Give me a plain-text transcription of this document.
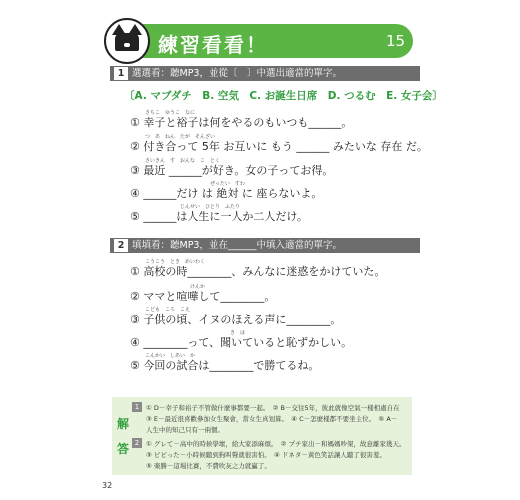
練習看看！	15
1 選選看：聽MP3，並從〔　〕中選出適當的單字。
〔A. マブダチ　B. 空気　C. お誕生日席　D. つるむ　E. 女子会〕
さちこ　ゆうこ　なに
① 幸子と裕子は何をやるのもいつも______。
つ　あ　ねん　たが　そんざい
② 付き合って 5年 お互いに もう ______ みたいな 存在 だ。
さいきん　す　おんな　こ　とく
③ 最近 ______が好き。女の子ってお得。
ぜったい　すわ
④ ______だけ は 絶対 に 座らないよ。
じんせい　ひとり　ふたり
⑤ ______は人生に一人か二人だけ。
2 填填看：聽MP3，並在______中填入適當的單字。
こうこう　とき　めいわく
① 高校の時________、みんなに迷惑をかけていた。
けんか
② ママと喧嘩して________。
こども　ころ　こえ
③ 子供の頃、イヌのほえる声に________。
き　は
④ ________って、聞いていると恥ずかしい。
こんかい　しあい　か
⑤ 今回の試合は________で勝てるね。
解
答
1
2
① D－幸子和裕子不管做什麼事都要一起。　② B－交往5年，彼此就像空氣一樣相處自在
③ E－最近很喜歡參加女生聚會，當女生真划算。　④ C－怎麼樣都不要坐主位。　⑤ A－
人生中的知己只有一兩個。
① グレて－高中的時候學壞，給大家添麻煩。　② プチ家出－和媽媽吵架，故意離家幾天。
③ ビビった－小時候聽到狗叫聲就很害怕。　④ ドネタ－黃色笑話讓人聽了很害羞。
⑤ 楽勝－這場比賽，不費吹灰之力就贏了。
32
